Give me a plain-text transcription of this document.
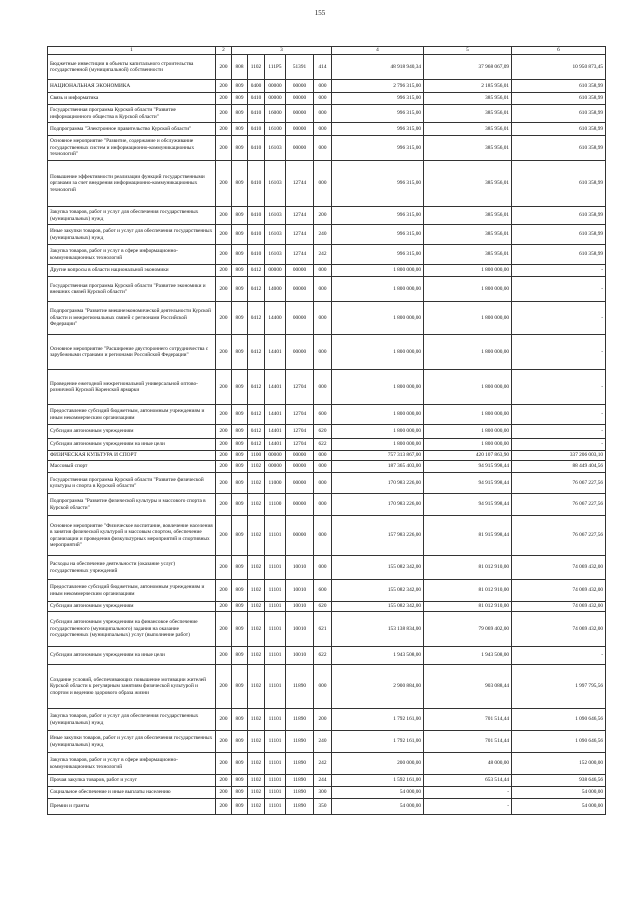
155
1	2	3					4	5	6
Бюджетные инвестиции в объекты капитального строительства государственной (муниципальной) собственности	200	808	1102	111P5	51391	414	48 918 940,34	37 968 067,09	10 950 873,45
НАЦИОНАЛЬНАЯ ЭКОНОМИКА	200	809	0400	00000	00000	000	2 796 315,00	2 185 956,01	610 358,99
Связь и информатика	200	809	0410	00000	00000	000	996 315,00	385 956,01	610 358,99
Государственная программа Курской области "Развитие информационного общества в Курской области"	200	809	0410	16000	00000	000	996 315,00	385 956,01	610 358,99
Подпрограмма "Электронное правительство Курской области"	200	809	0410	16100	00000	000	996 315,00	385 956,01	610 358,99
Основное мероприятие "Развитие, содержание и обслуживание государственных систем и информационно-коммуникационных технологий"	200	809	0410	16103	00000	000	996 315,00	385 956,01	610 358,99
Повышение эффективности реализации функций государственными органами за счет внедрения информационно-коммуникационных технологий	200	809	0410	16103	12744	000	996 315,00	385 956,01	610 358,99
Закупка товаров, работ и услуг для обеспечения государственных (муниципальных) нужд	200	809	0410	16103	12744	200	996 315,00	385 956,01	610 358,99
Иные закупки товаров, работ и услуг для обеспечения государственных (муниципальных) нужд	200	809	0410	16103	12744	240	996 315,00	385 956,01	610 358,99
Закупка товаров, работ и услуг в сфере информационно-коммуникационных технологий	200	809	0410	16103	12744	242	996 315,00	385 956,01	610 358,99
Другие вопросы в области национальной экономики	200	809	0412	00000	00000	000	1 800 000,00	1 800 000,00	-
Государственная программа Курской области "Развитие экономики и внешних связей Курской области"	200	809	0412	14000	00000	000	1 800 000,00	1 800 000,00	-
Подпрограмма "Развитие внешнеэкономической деятельности Курской области и межрегиональных связей с регионами Российской Федерации"	200	809	0412	14400	00000	000	1 800 000,00	1 800 000,00	-
Основное мероприятие "Расширение двустороннего сотрудничества с зарубежными странами и регионами Российской Федерации"	200	809	0412	14401	00000	000	1 800 000,00	1 800 000,00	-
Проведение ежегодной межрегиональной универсальной оптово-розничной Курской Коренской ярмарки	200	809	0412	14401	12704	000	1 800 000,00	1 800 000,00	-
Предоставление субсидий бюджетным, автономным учреждениям и иным некоммерческим организациям	200	809	0412	14401	12704	600	1 800 000,00	1 800 000,00	-
Субсидии автономным учреждениям	200	809	0412	14401	12704	620	1 800 000,00	1 800 000,00	-
Субсидии автономным учреждениям на иные цели	200	809	0412	14401	12704	622	1 800 000,00	1 800 000,00	-
ФИЗИЧЕСКАЯ КУЛЬТУРА И СПОРТ	200	809	1100	00000	00000	000	757 313 867,00	420 107 863,90	337 206 003,10
Массовый спорт	200	809	1102	00000	00000	000	187 365 403,00	94 915 998,44	88 449 404,56
Государственная программа Курской области "Развитие физической культуры и спорта в Курской области"	200	809	1102	11000	00000	000	170 983 226,00	94 915 998,44	76 067 227,56
Подпрограмма "Развитие физической культуры и массового спорта в Курской области"	200	809	1102	11100	00000	000	170 983 226,00	94 915 998,44	76 067 227,56
Основное мероприятие "Физическое воспитание, вовлечение населения в занятия физической культурой и массовым спортом, обеспечение организации и проведения физкультурных мероприятий и спортивных мероприятий"	200	809	1102	11101	00000	000	157 983 226,00	81 915 998,44	76 067 227,56
Расходы на обеспечение деятельности (оказание услуг) государственных учреждений	200	809	1102	11101	10010	000	155 082 342,00	81 012 910,00	74 069 432,00
Предоставление субсидий бюджетным, автономным учреждениям и иным некоммерческим организациям	200	809	1102	11101	10010	600	155 082 342,00	81 012 910,00	74 069 432,00
Субсидии автономным учреждениям	200	809	1102	11101	10010	620	155 082 342,00	81 012 910,00	74 069 432,00
Субсидии автономным учреждениям на финансовое обеспечение государственного (муниципального) задания на оказание государственных (муниципальных) услуг (выполнение работ)	200	809	1102	11101	10010	621	153 138 834,00	79 069 402,00	74 069 432,00
Субсидии автономным учреждениям на иные цели	200	809	1102	11101	10010	622	1 943 508,00	1 943 508,00	-
Создание условий, обеспечивающих повышение мотивации жителей Курской области к регулярным занятиям физической культурой и спортом и ведению здорового образа жизни	200	809	1102	11101	11890	000	2 900 884,00	903 088,44	1 997 795,56
Закупка товаров, работ и услуг для обеспечения государственных (муниципальных) нужд	200	809	1102	11101	11890	200	1 792 161,00	701 514,44	1 090 646,56
Иные закупки товаров, работ и услуг для обеспечения государственных (муниципальных) нужд	200	809	1102	11101	11890	240	1 792 161,00	701 514,44	1 090 646,56
Закупка товаров, работ и услуг в сфере информационно-коммуникационных технологий	200	809	1102	11101	11890	242	200 000,00	48 000,00	152 000,00
Прочая закупка товаров, работ и услуг	200	809	1102	11101	11890	244	1 592 161,00	653 514,44	938 646,56
Социальное обеспечение и иные выплаты населению	200	809	1102	11101	11890	300	54 000,00	-	54 000,00
Премии и гранты	200	809	1102	11101	11890	350	54 000,00	-	54 000,00
